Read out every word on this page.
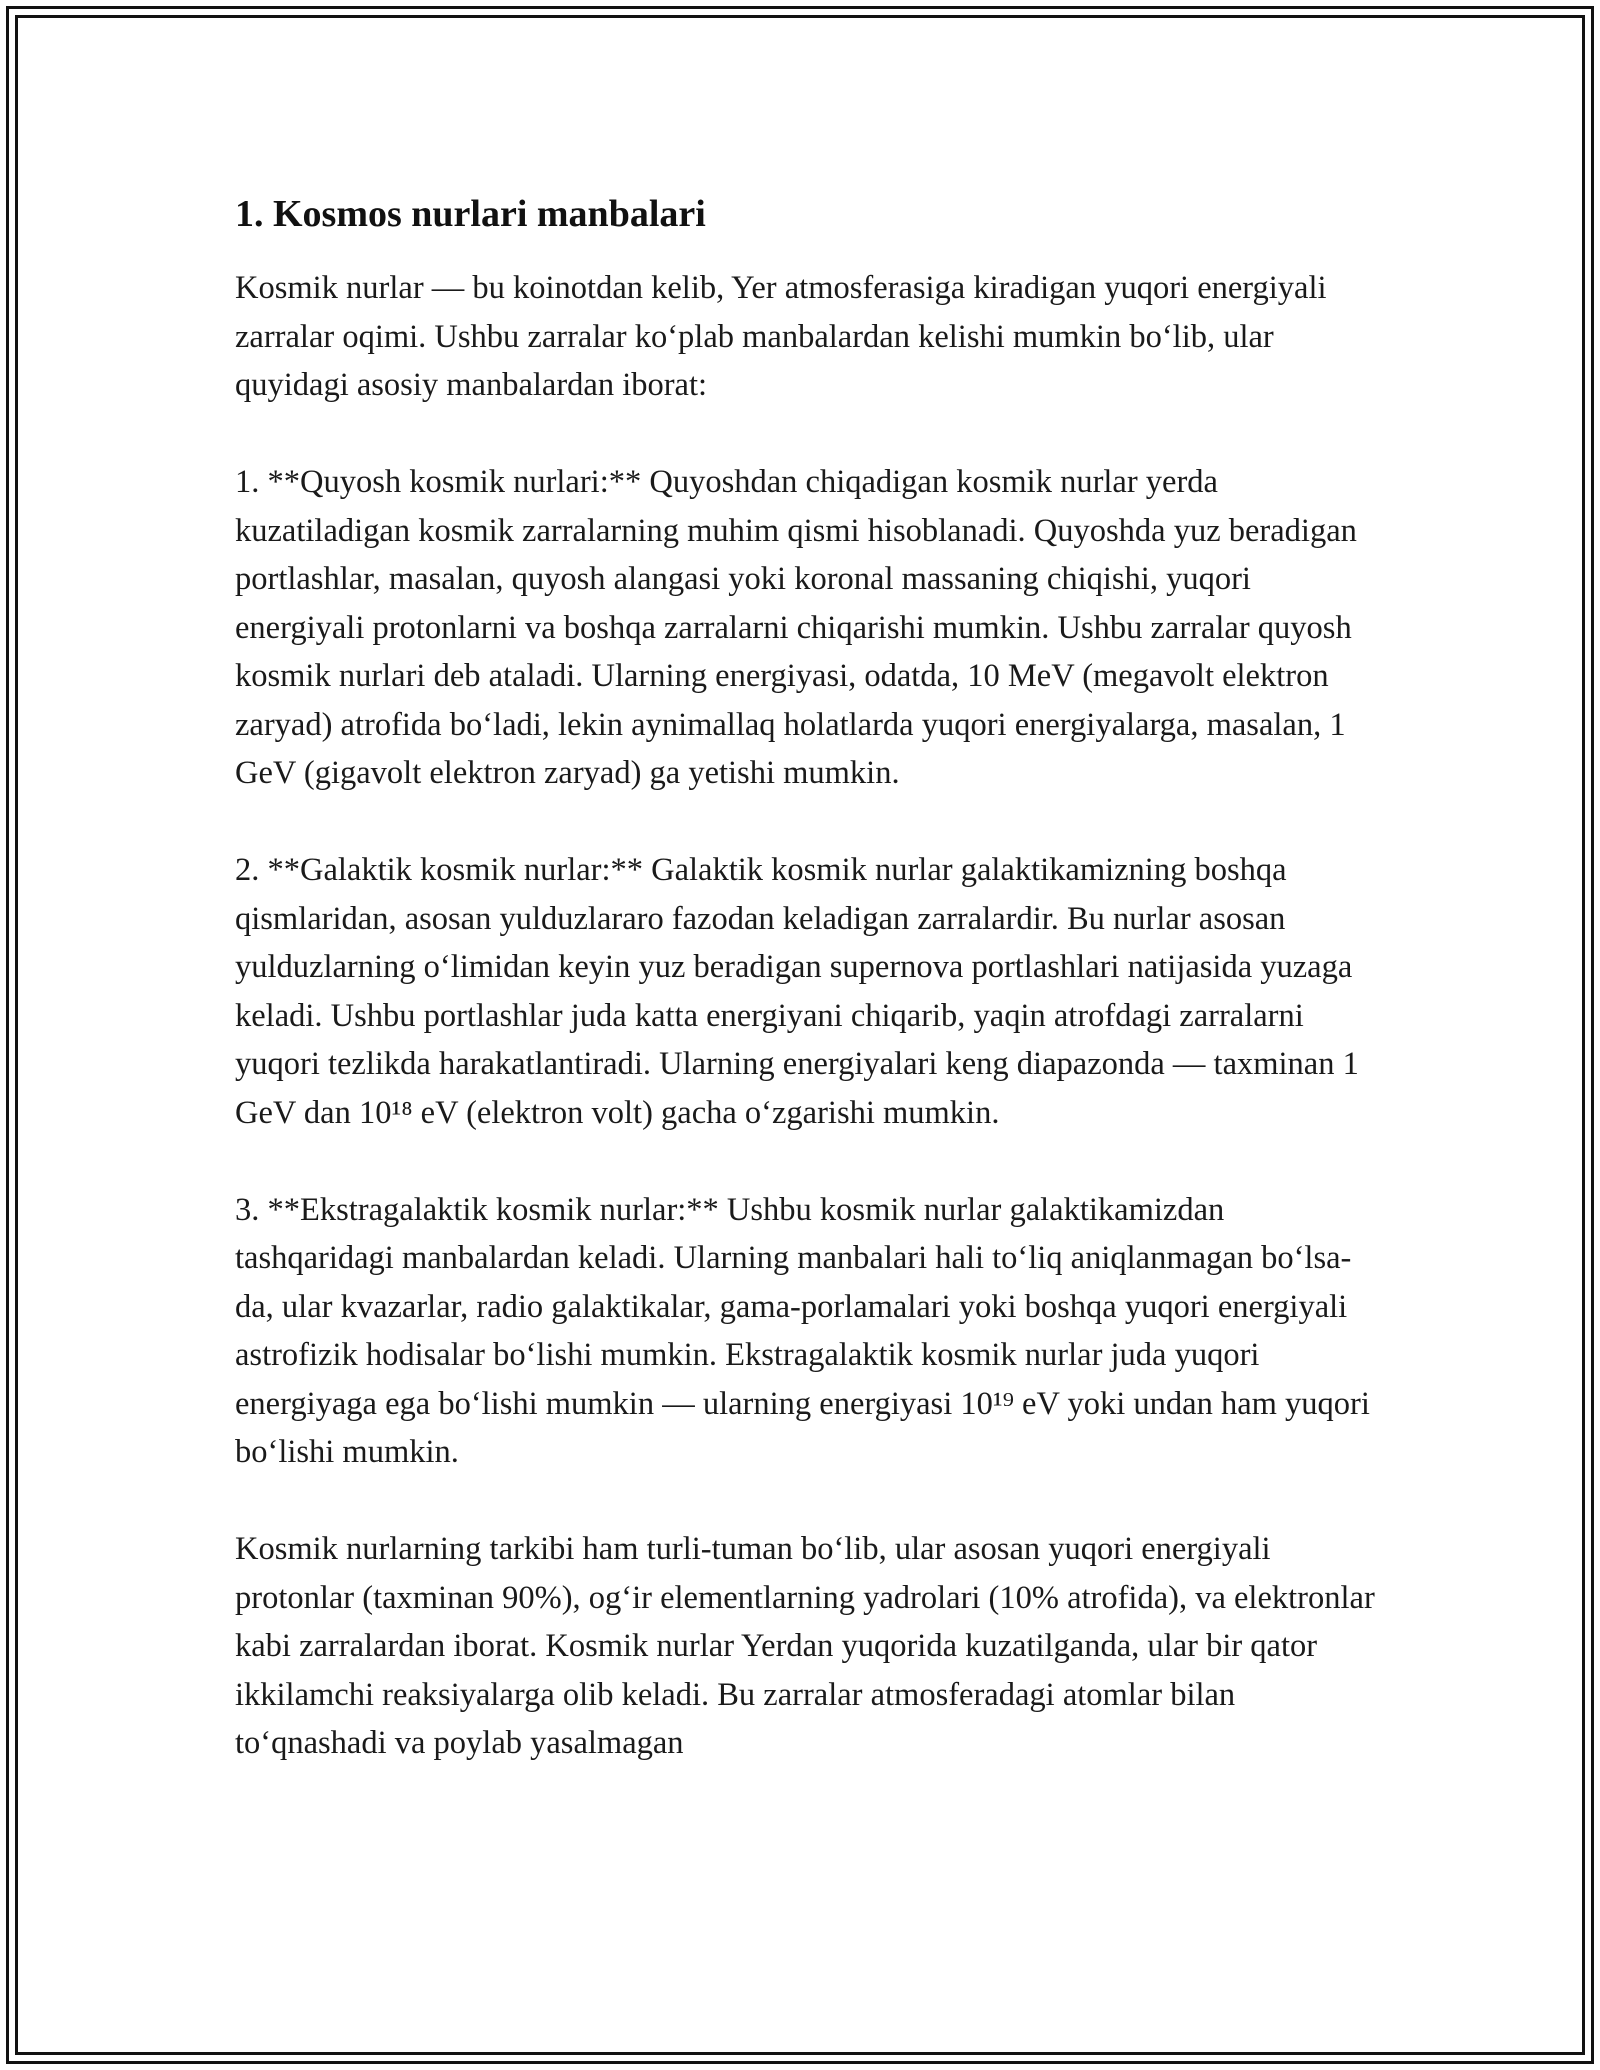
1. Kosmos nurlari manbalari

Kosmik nurlar — bu koinotdan kelib, Yer atmosferasiga kiradigan yuqori energiyali zarralar oqimi. Ushbu zarralar ko‘plab manbalardan kelishi mumkin bo‘lib, ular quyidagi asosiy manbalardan iborat:

1. **Quyosh kosmik nurlari:** Quyoshdan chiqadigan kosmik nurlar yerda kuzatiladigan kosmik zarralarning muhim qismi hisoblanadi. Quyoshda yuz beradigan portlashlar, masalan, quyosh alangasi yoki koronal massaning chiqishi, yuqori energiyali protonlarni va boshqa zarralarni chiqarishi mumkin. Ushbu zarralar quyosh kosmik nurlari deb ataladi. Ularning energiyasi, odatda, 10 MeV (megavolt elektron zaryad) atrofida bo‘ladi, lekin aynimallaq holatlarda yuqori energiyalarga, masalan, 1 GeV (gigavolt elektron zaryad) ga yetishi mumkin.

2. **Galaktik kosmik nurlar:** Galaktik kosmik nurlar galaktikamizning boshqa qismlaridan, asosan yulduzlararo fazodan keladigan zarralardir. Bu nurlar asosan yulduzlarning o‘limidan keyin yuz beradigan supernova portlashlari natijasida yuzaga keladi. Ushbu portlashlar juda katta energiyani chiqarib, yaqin atrofdagi zarralarni yuqori tezlikda harakatlantiradi. Ularning energiyalari keng diapazonda — taxminan 1 GeV dan 10¹⁸ eV (elektron volt) gacha o‘zgarishi mumkin.

3. **Ekstragalaktik kosmik nurlar:** Ushbu kosmik nurlar galaktikamizdan tashqaridagi manbalardan keladi. Ularning manbalari hali to‘liq aniqlanmagan bo‘lsa-da, ular kvazarlar, radio galaktikalar, gama-porlamalari yoki boshqa yuqori energiyali astrofizik hodisalar bo‘lishi mumkin. Ekstragalaktik kosmik nurlar juda yuqori energiyaga ega bo‘lishi mumkin — ularning energiyasi 10¹⁹ eV yoki undan ham yuqori bo‘lishi mumkin.

Kosmik nurlarning tarkibi ham turli-tuman bo‘lib, ular asosan yuqori energiyali protonlar (taxminan 90%), og‘ir elementlarning yadrolari (10% atrofida), va elektronlar kabi zarralardan iborat. Kosmik nurlar Yerdan yuqorida kuzatilganda, ular bir qator ikkilamchi reaksiyalarga olib keladi. Bu zarralar atmosferadagi atomlar bilan to‘qnashadi va poylab yasalmagan
